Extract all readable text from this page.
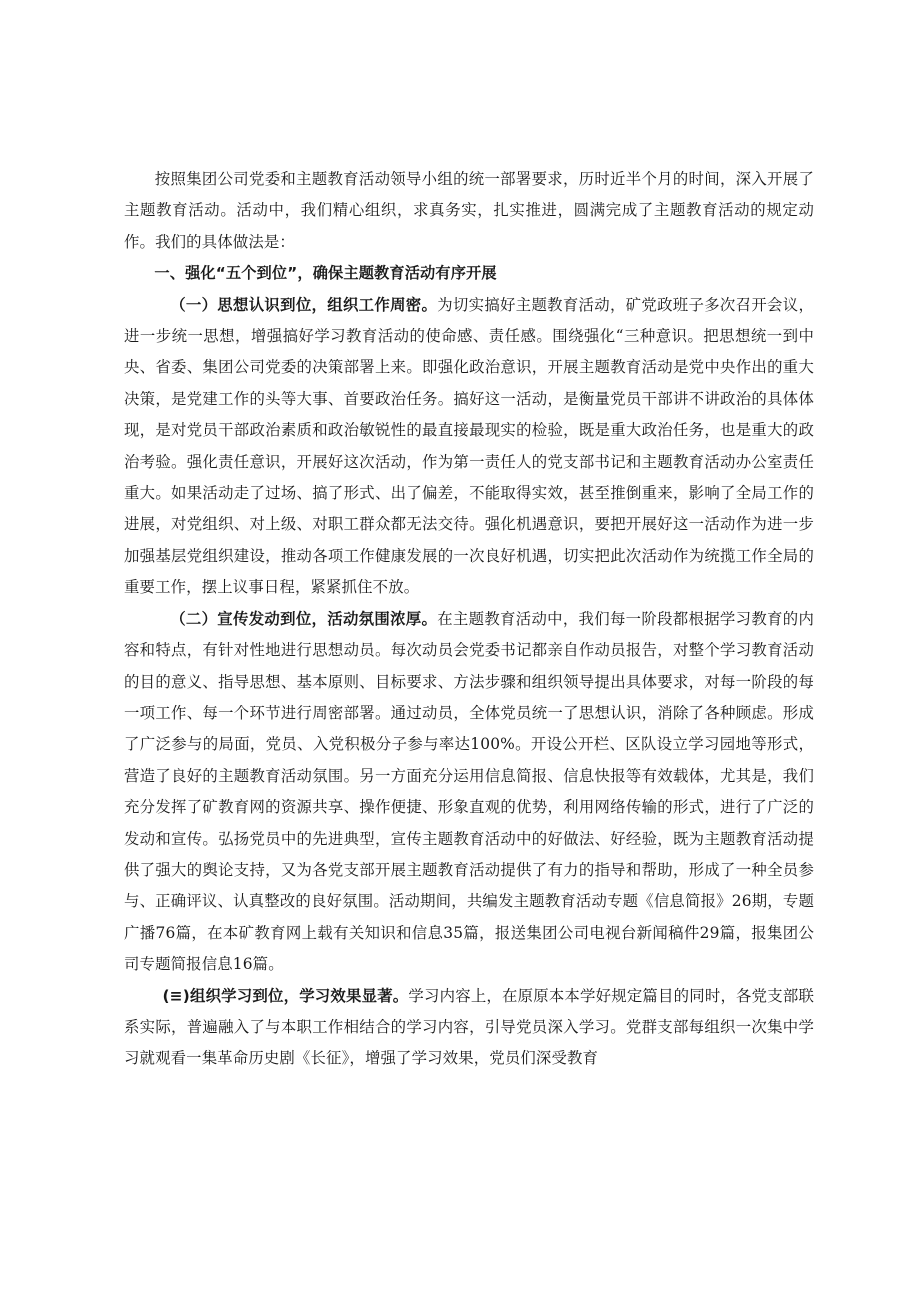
按照集团公司党委和主题教育活动领导小组的统一部署要求，历时近半个月的时间，深入开展了主题教育活动。活动中，我们精心组织，求真务实，扎实推进，圆满完成了主题教育活动的规定动作。我们的具体做法是：

一、强化“五个到位”，确保主题教育活动有序开展

（一）思想认识到位，组织工作周密。为切实搞好主题教育活动，矿党政班子多次召开会议，进一步统一思想，增强搞好学习教育活动的使命感、责任感。围绕强化“三种意识。把思想统一到中央、省委、集团公司党委的决策部署上来。即强化政治意识，开展主题教育活动是党中央作出的重大决策，是党建工作的头等大事、首要政治任务。搞好这一活动，是衡量党员干部讲不讲政治的具体体现，是对党员干部政治素质和政治敏锐性的最直接最现实的检验，既是重大政治任务，也是重大的政治考验。强化责任意识，开展好这次活动，作为第一责任人的党支部书记和主题教育活动办公室责任重大。如果活动走了过场、搞了形式、出了偏差，不能取得实效，甚至推倒重来，影响了全局工作的进展，对党组织、对上级、对职工群众都无法交待。强化机遇意识，要把开展好这一活动作为进一步加强基层党组织建设，推动各项工作健康发展的一次良好机遇，切实把此次活动作为统揽工作全局的重要工作，摆上议事日程，紧紧抓住不放。

（二）宣传发动到位，活动氛围浓厚。在主题教育活动中，我们每一阶段都根据学习教育的内容和特点，有针对性地进行思想动员。每次动员会党委书记都亲自作动员报告，对整个学习教育活动的目的意义、指导思想、基本原则、目标要求、方法步骤和组织领导提出具体要求，对每一阶段的每一项工作、每一个环节进行周密部署。通过动员，全体党员统一了思想认识，消除了各种顾虑。形成了广泛参与的局面，党员、入党积极分子参与率达100%。开设公开栏、区队设立学习园地等形式，营造了良好的主题教育活动氛围。另一方面充分运用信息简报、信息快报等有效载体，尤其是，我们充分发挥了矿教育网的资源共享、操作便捷、形象直观的优势，利用网络传输的形式，进行了广泛的发动和宣传。弘扬党员中的先进典型，宣传主题教育活动中的好做法、好经验，既为主题教育活动提供了强大的舆论支持，又为各党支部开展主题教育活动提供了有力的指导和帮助，形成了一种全员参与、正确评议、认真整改的良好氛围。活动期间，共编发主题教育活动专题《信息简报》26期，专题广播76篇，在本矿教育网上载有关知识和信息35篇，报送集团公司电视台新闻稿件29篇，报集团公司专题简报信息16篇。

(≡)组织学习到位，学习效果显著。学习内容上，在原原本本学好规定篇目的同时，各党支部联系实际，普遍融入了与本职工作相结合的学习内容，引导党员深入学习。党群支部每组织一次集中学习就观看一集革命历史剧《长征》，增强了学习效果，党员们深受教育
